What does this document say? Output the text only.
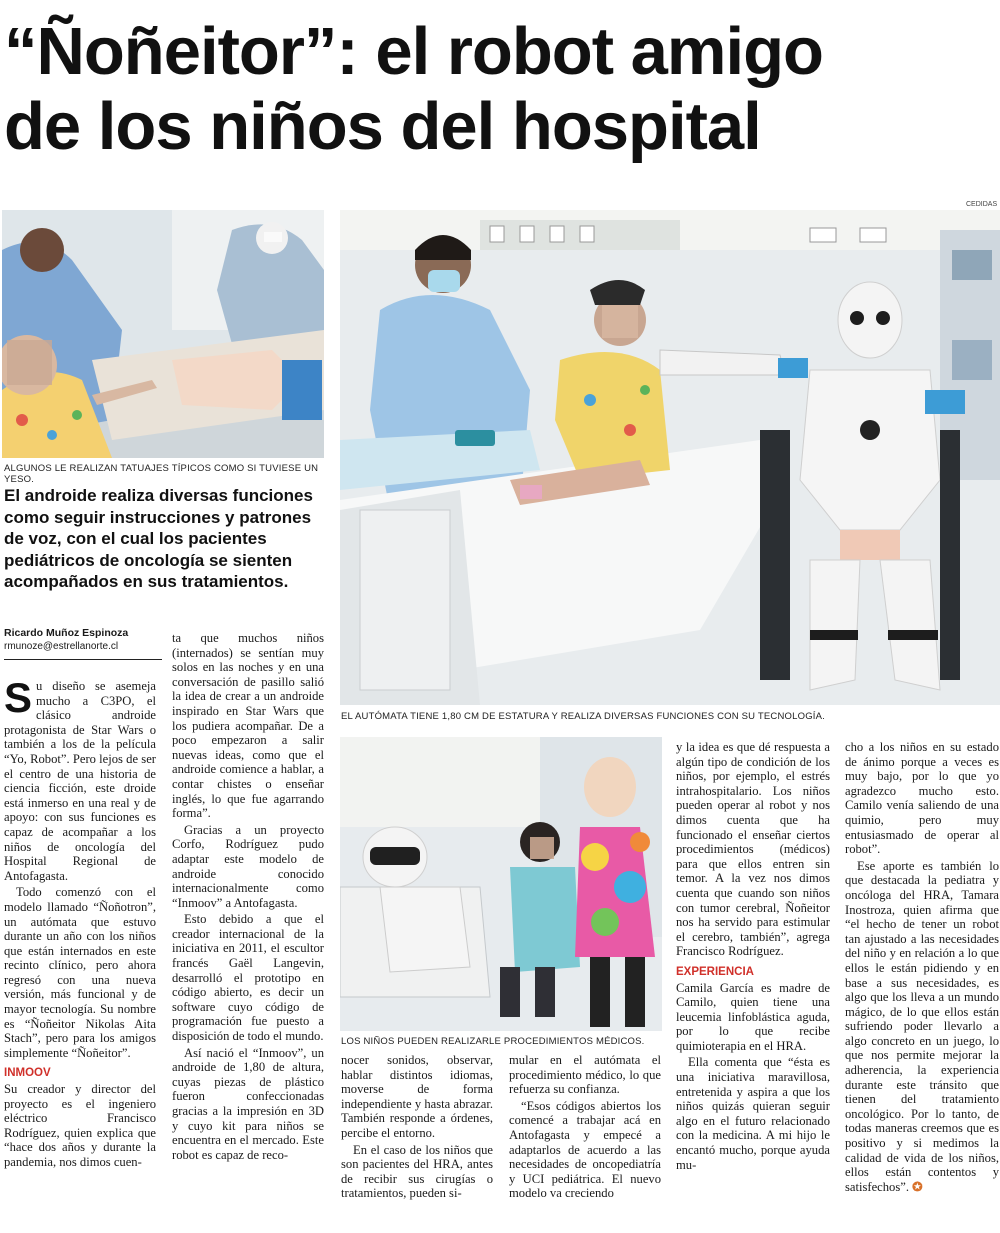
“Ñoñeitor”: el robot amigo
de los niños del hospital
ALGUNOS LE REALIZAN TATUAJES TÍPICOS COMO SI TUVIESE UN YESO.
CEDIDAS
EL AUTÓMATA TIENE 1,80 CM DE ESTATURA Y REALIZA DIVERSAS FUNCIONES CON SU TECNOLOGÍA.
El androide realiza diversas funciones como seguir instrucciones y patrones de voz, con el cual los pacientes pediátricos de oncología se sienten acompañados en sus tratamientos.
Ricardo Muñoz Espinoza
rmunoze@estrellanorte.cl

Su diseño se asemeja mucho a C3PO, el clásico androide protagonista de Star Wars o también a los de la película “Yo, Robot”. Pero lejos de ser el centro de una historia de ciencia ficción, este droide está inmerso en una real y de apoyo: con sus funciones es capaz de acompañar a los niños de oncología del Hospital Regional de Antofagasta.

Todo comenzó con el modelo llamado “Ñoñotron”, un autómata que estuvo durante un año con los niños que están internados en este recinto clínico, pero ahora regresó con una nueva versión, más funcional y de mayor tecnología. Su nombre es “Ñoñeitor Nikolas Aita Stach”, pero para los amigos simplemente “Ñoñeitor”.

INMOOV

Su creador y director del proyecto es el ingeniero eléctrico Francisco Rodríguez, quien explica que “hace dos años y durante la pandemia, nos dimos cuen-

ta que muchos niños (internados) se sentían muy solos en las noches y en una conversación de pasillo salió la idea de crear a un androide inspirado en Star Wars que los pudiera acompañar. De a poco empezaron a salir nuevas ideas, como que el androide comience a hablar, a contar chistes o enseñar inglés, lo que fue agarrando forma”.

Gracias a un proyecto Corfo, Rodríguez pudo adaptar este modelo de androide conocido internacionalmente como “Inmoov” a Antofagasta.

Esto debido a que el creador internacional de la iniciativa en 2011, el escultor francés Gaël Langevin, desarrolló el prototipo en código abierto, es decir un software cuyo código de programación fue puesto a disposición de todo el mundo.

Así nació el “Inmoov”, un androide de 1,80 de altura, cuyas piezas de plástico fueron confeccionadas gracias a la impresión en 3D y cuyo kit para niños se encuentra en el mercado. Este robot es capaz de reco-

LOS NIÑOS PUEDEN REALIZARLE PROCEDIMIENTOS MÉDICOS.

nocer sonidos, observar, hablar distintos idiomas, moverse de forma independiente y hasta abrazar. También responde a órdenes, percibe el entorno.

En el caso de los niños que son pacientes del HRA, antes de recibir sus cirugías o tratamientos, pueden si-

mular en el autómata el procedimiento médico, lo que refuerza su confianza.

“Esos códigos abiertos los comencé a trabajar acá en Antofagasta y empecé a adaptarlos de acuerdo a las necesidades de oncopediatría y UCI pediátrica. El nuevo modelo va creciendo

y la idea es que dé respuesta a algún tipo de condición de los niños, por ejemplo, el estrés intrahospitalario. Los niños pueden operar al robot y nos dimos cuenta que ha funcionado el enseñar ciertos procedimientos (médicos) para que ellos entren sin temor. A la vez nos dimos cuenta que cuando son niños con tumor cerebral, Ñoñeitor nos ha servido para estimular el cerebro, también”, agrega Francisco Rodríguez.

EXPERIENCIA

Camila García es madre de Camilo, quien tiene una leucemia linfoblástica aguda, por lo que recibe quimioterapia en el HRA.

Ella comenta que “ésta es una iniciativa maravillosa, entretenida y aspira a que los niños quizás quieran seguir algo en el futuro relacionado con la medicina. A mi hijo le encantó mucho, porque ayuda mu-

cho a los niños en su estado de ánimo porque a veces es muy bajo, por lo que yo agradezco mucho esto. Camilo venía saliendo de una quimio, pero muy entusiasmado de operar al robot”.

Ese aporte es también lo que destacada la pediatra y oncóloga del HRA, Tamara Inostroza, quien afirma que “el hecho de tener un robot tan ajustado a las necesidades del niño y en relación a lo que ellos le están pidiendo y en base a sus necesidades, es algo que los lleva a un mundo mágico, de lo que ellos están sufriendo poder llevarlo a algo concreto en un juego, lo que nos permite mejorar la adherencia, la experiencia durante este tránsito que tienen del tratamiento oncológico. Por lo tanto, de todas maneras creemos que es positivo y si medimos la calidad de vida de los niños, ellos están contentos y satisfechos”. ✪
